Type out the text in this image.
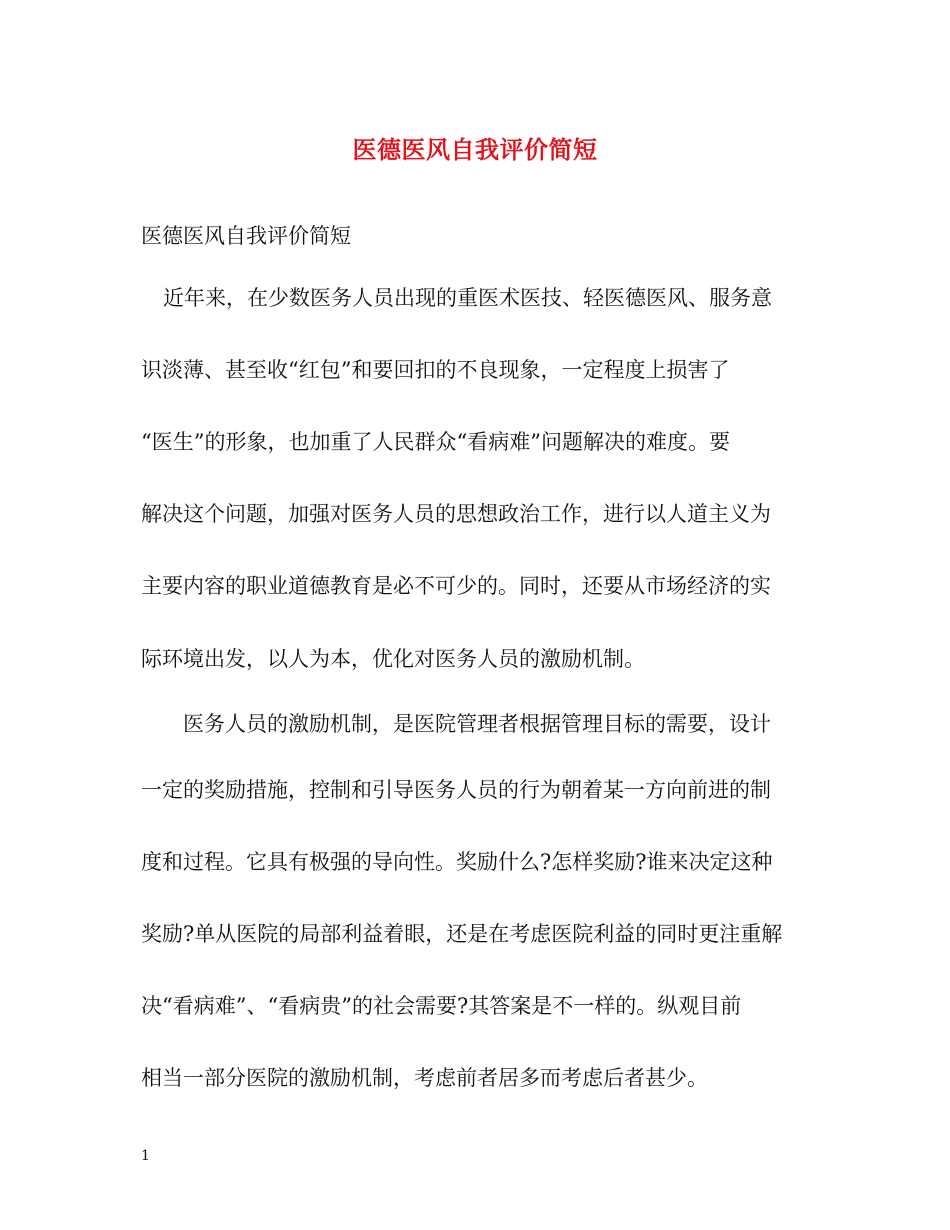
医德医风自我评价简短
医德医风自我评价简短
近年来，在少数医务人员出现的重医术医技、轻医德医风、服务意
识淡薄、甚至收“红包”和要回扣的不良现象，一定程度上损害了
“医生”的形象，也加重了人民群众“看病难”问题解决的难度。要
解决这个问题，加强对医务人员的思想政治工作，进行以人道主义为
主要内容的职业道德教育是必不可少的。同时，还要从市场经济的实
际环境出发，以人为本，优化对医务人员的激励机制。
医务人员的激励机制，是医院管理者根据管理目标的需要，设计
一定的奖励措施，控制和引导医务人员的行为朝着某一方向前进的制
度和过程。它具有极强的导向性。奖励什么?怎样奖励?谁来决定这种
奖励?单从医院的局部利益着眼，还是在考虑医院利益的同时更注重解
决“看病难”、“看病贵”的社会需要?其答案是不一样的。纵观目前
相当一部分医院的激励机制，考虑前者居多而考虑后者甚少。
1
